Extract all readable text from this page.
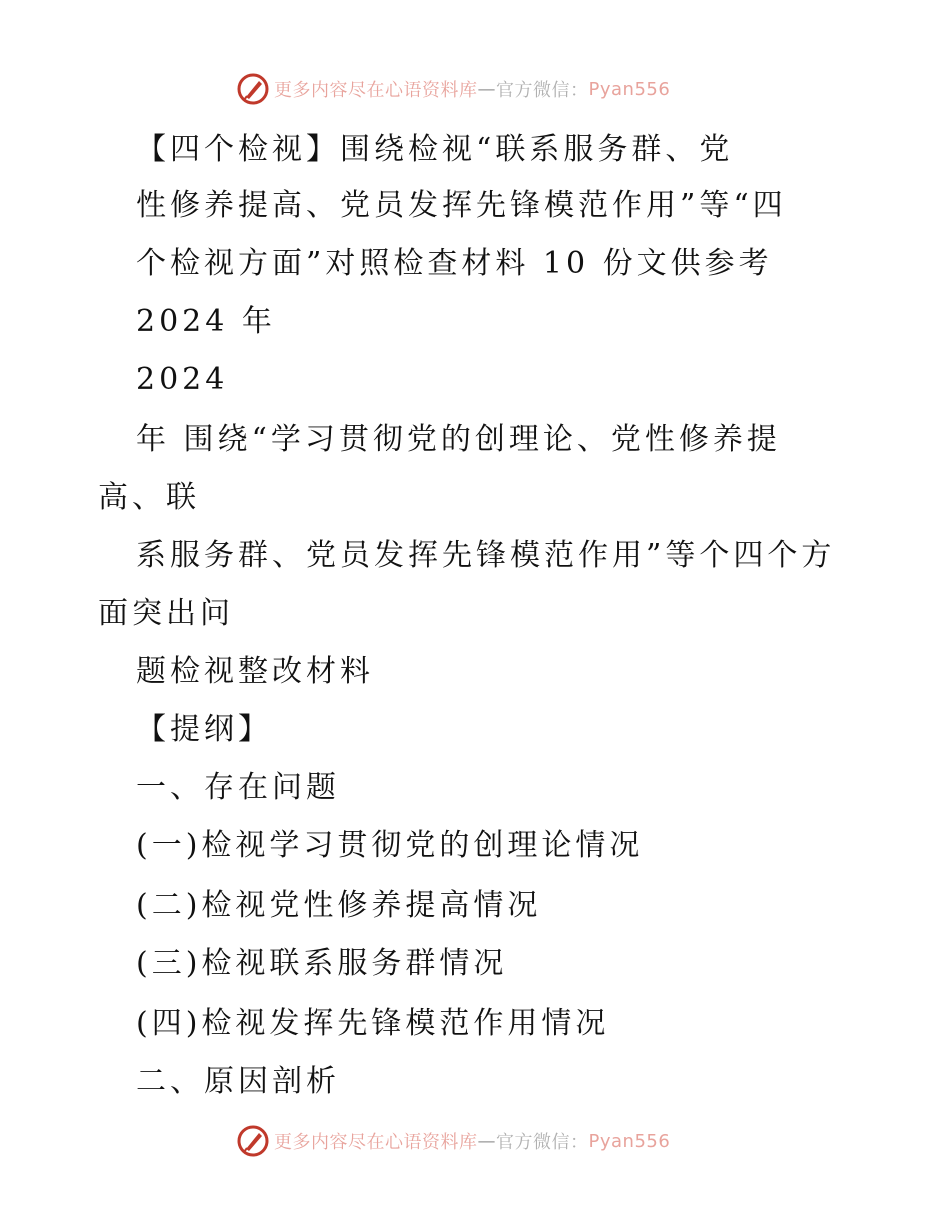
更多内容尽在心语资料库 — 官方微信： Pyan556
【四个检视】围绕检视“联系服务群、党
性修养提高、党员发挥先锋模范作用”等“四
个检视方面”对照检查材料 10 份文供参考
2024 年
2024
年 围绕“学习贯彻党的创理论、党性修养提
高、联
系服务群、党员发挥先锋模范作用”等个四个方
面突出问
题检视整改材料
【提纲】
一、存在问题
(一)检视学习贯彻党的创理论情况
(二)检视党性修养提高情况
(三)检视联系服务群情况
(四)检视发挥先锋模范作用情况
二、原因剖析
更多内容尽在心语资料库 — 官方微信： Pyan556
